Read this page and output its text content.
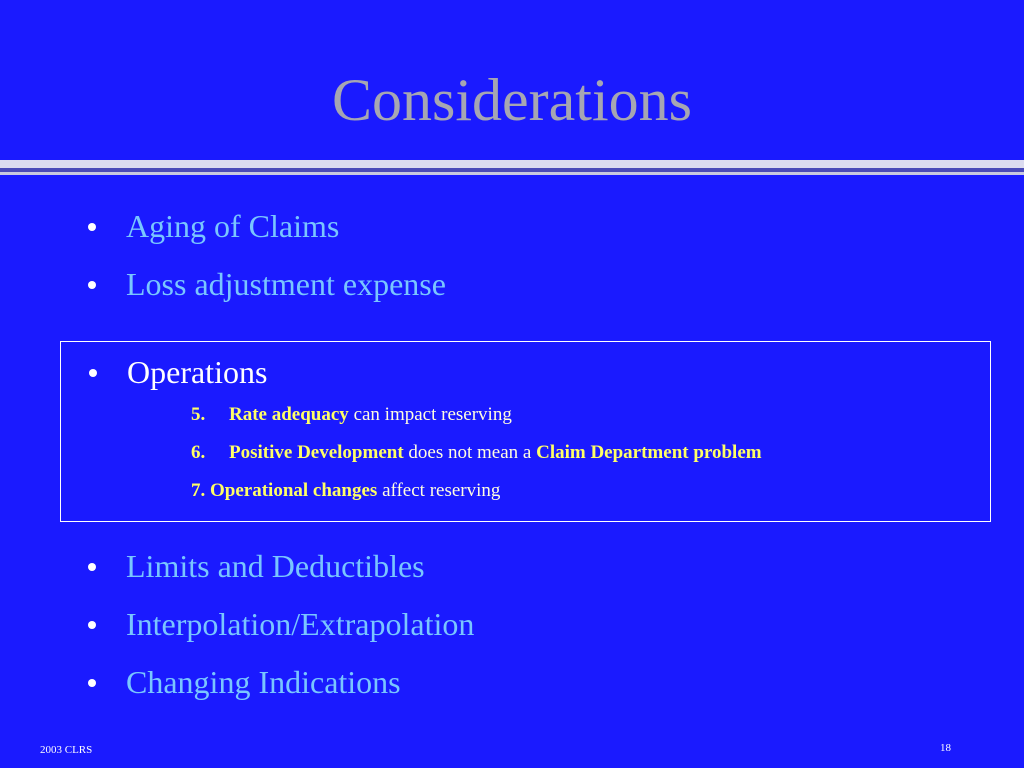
Considerations
Aging of Claims
Loss adjustment expense
Operations
5. Rate adequacy can impact reserving
6. Positive Development does not mean a Claim Department problem
7. Operational changes affect reserving
Limits and Deductibles
Interpolation/Extrapolation
Changing Indications
2003 CLRS	18
